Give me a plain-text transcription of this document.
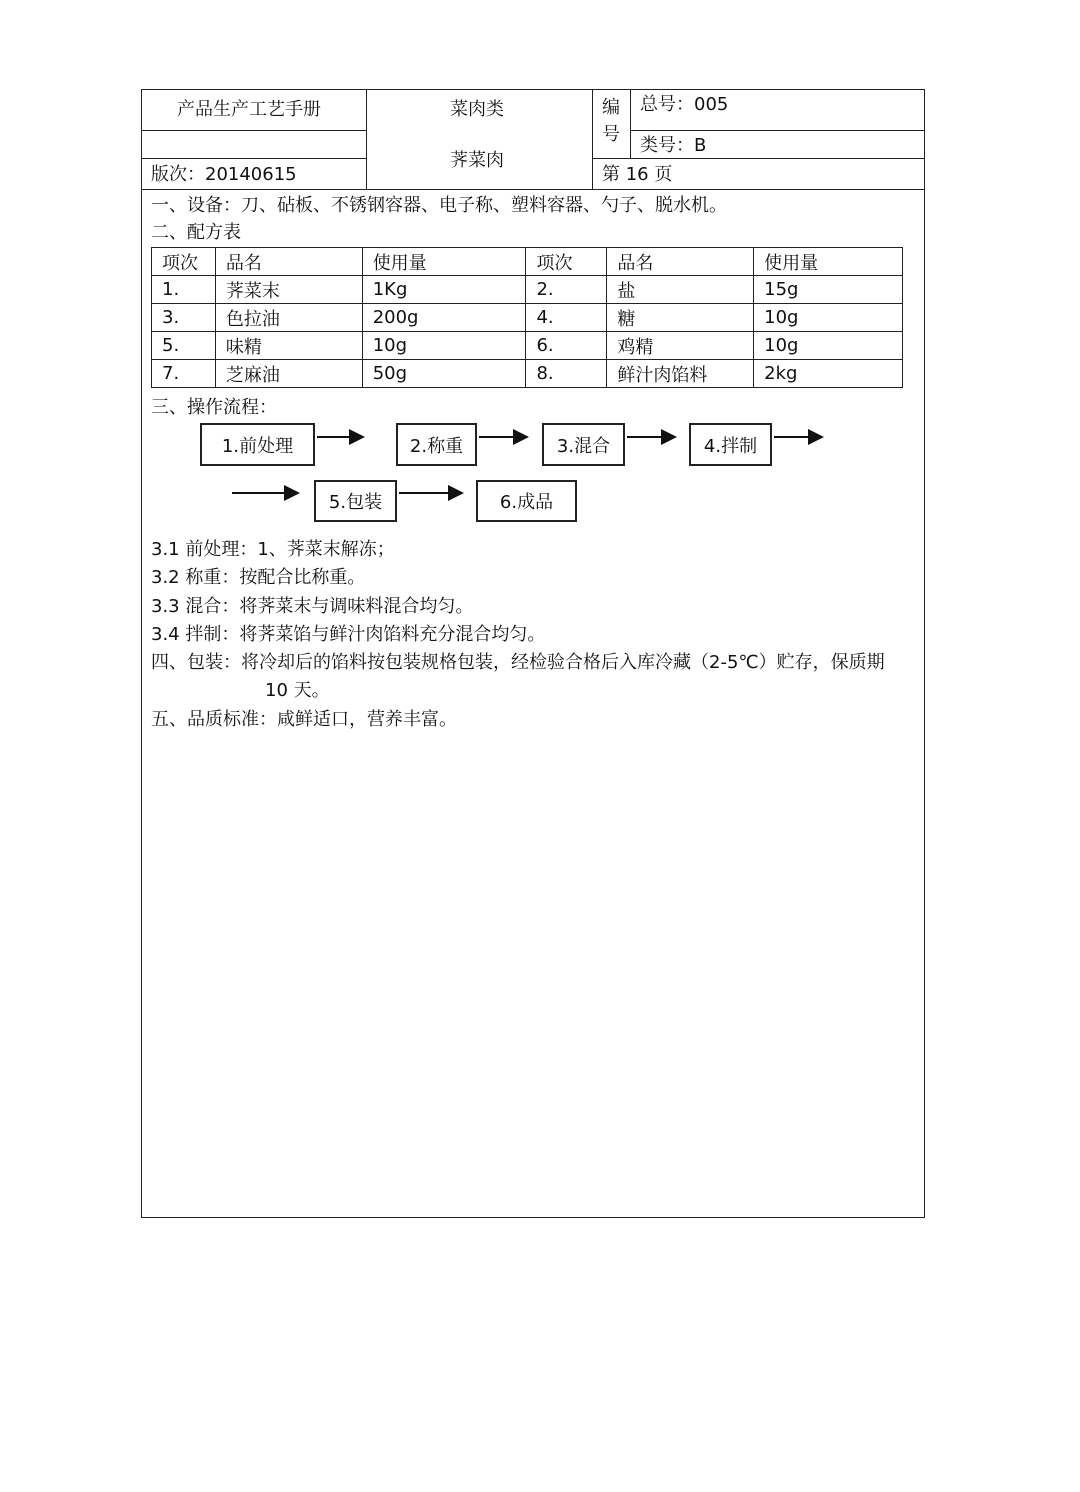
产品生产工艺手册	菜肉类	编号
总号：005
类号：B
荠菜肉
版次：20140615	第 16 页
一、设备：刀、砧板、不锈钢容器、电子称、塑料容器、勺子、脱水机。
二、配方表
项次	品名	使用量	项次	品名	使用量
1.	荠菜末	1Kg	2.	盐	15g
3.	色拉油	200g	4.	糖	10g
5.	味精	10g	6.	鸡精	10g
7.	芝麻油	50g	8.	鲜汁肉馅料	2kg
三、操作流程：
1.前处理	2.称重	3.混合	4.拌制
5.包装	6.成品
3.1 前处理：1、荠菜末解冻；
3.2 称重：按配合比称重。
3.3 混合：将荠菜末与调味料混合均匀。
3.4 拌制：将荠菜馅与鲜汁肉馅料充分混合均匀。
四、包装：将冷却后的馅料按包装规格包装，经检验合格后入库冷藏（2-5℃）贮存，保质期
10 天。
五、品质标准：咸鲜适口，营养丰富。
